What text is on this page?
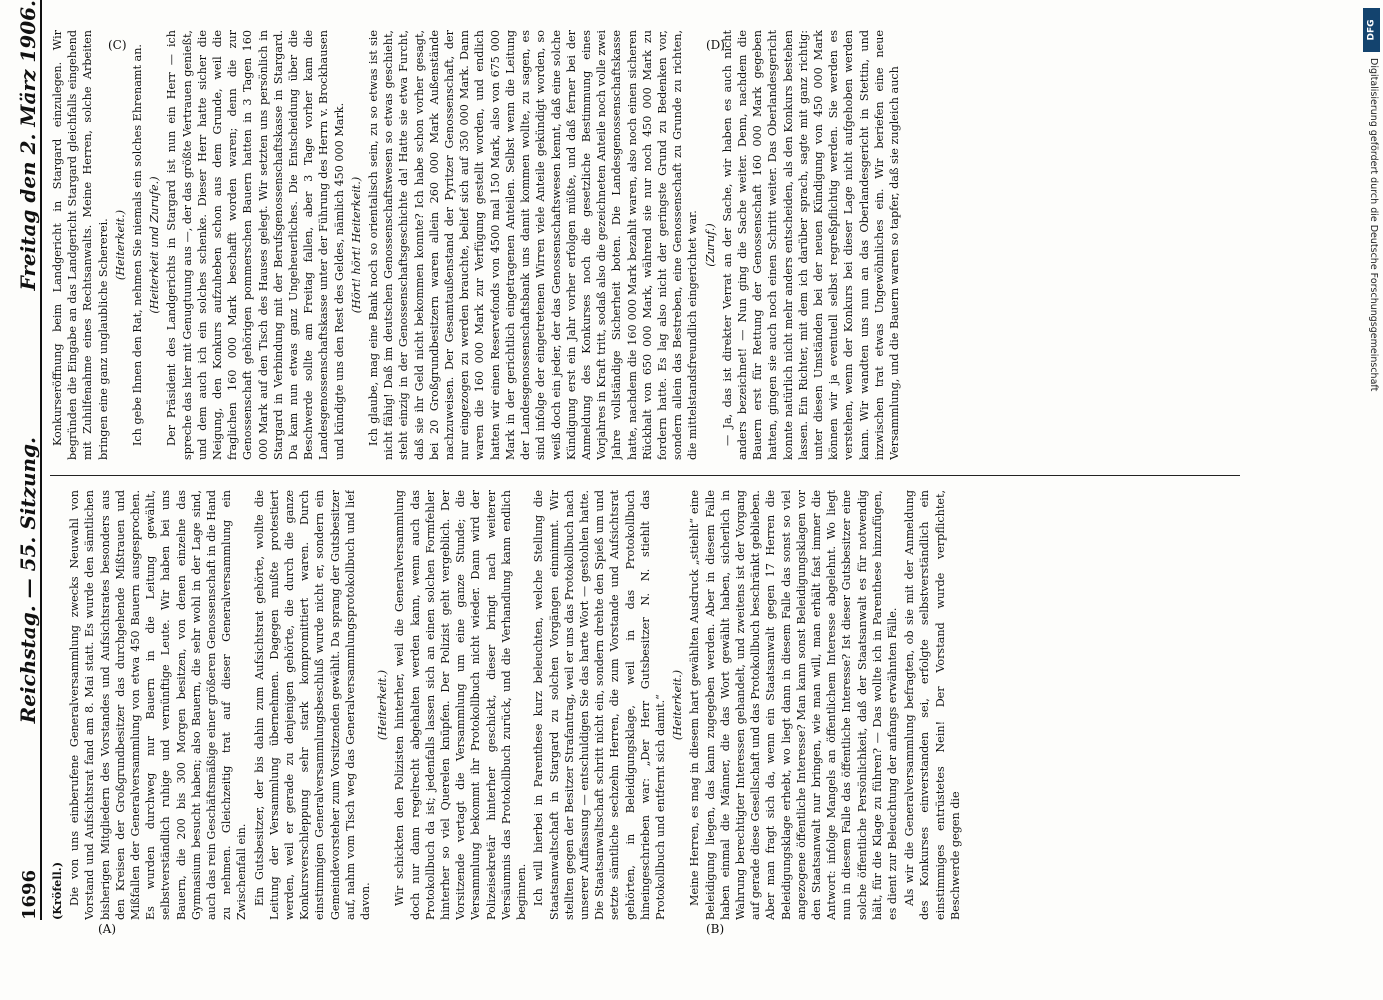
1696
Reichstag. — 55. Sitzung.
Freitag den 2. März 1906.

(Kröfell.) Die von uns einberufene Generalversammlung zwecks Neuwahl von Vorstand und Aufsichtsrat fand am 8. Mai statt. Es wurde den sämtlichen bisherigen Mitgliedern des Vorstandes und Aufsichtsrates besonders aus den Kreisen der Großgrundbesitzer das durchgehende Mißtrauen und Mißfallen der Generalversammlung von etwa 450 Bauern ausgesprochen. Es wurden durchweg nur Bauern in die Leitung gewählt, selbstverständlich ruhige und vernünftige Leute. Wir haben bei uns Bauern, die 200 bis 300 Morgen besitzen, von denen einzelne das Gymnasium besucht haben; also Bauern, die sehr wohl in der Lage sind, auch das rein Geschäftsmäßige einer größeren Genossenschaft in die Hand zu nehmen. Gleichzeitig trat auf dieser Generalversammlung ein Zwischenfall ein. Ein Gutsbesitzer, der bis dahin zum Aufsichtsrat gehörte, wollte die Leitung der Versammlung übernehmen. Dagegen mußte protestiert werden, weil er gerade zu denjenigen gehörte, die durch die ganze Konkursverschleppung sehr stark kompromittiert waren. Durch einstimmigen Generalversammlungsbeschluß wurde nicht er, sondern ein Gemeindevorsteher zum Vorsitzenden gewählt. Da sprang der Gutsbesitzer auf, nahm vom Tisch weg das Generalversammlungsprotokollbuch und lief davon.

(Heiterkeit.) Wir schickten den Polizisten hinterher, weil die Generalversammlung doch nur dann regelrecht abgehalten werden kann, wenn auch das Protokollbuch da ist; jedenfalls lassen sich an einen solchen Formfehler hinterher so viel Querelen knüpfen. Der Polizist geht vergeblich. Der Vorsitzende vertagt die Versammlung um eine ganze Stunde; die Versammlung bekommt ihr Protokollbuch nicht wieder. Dann wird der Polizeisekretär hinterher geschickt, dieser bringt nach weiterer Versäumnis das Protokollbuch zurück, und die Verhandlung kann endlich beginnen. Ich will hierbei in Parenthese kurz beleuchten, welche Stellung die Staatsanwaltschaft in Stargard zu solchen Vorgängen einnimmt. Wir stellten gegen der Besitzer Strafantrag, weil er uns das Protokollbuch nach unserer Auffassung — entschuldigen Sie das harte Wort — gestohlen hatte. Die Staatsanwaltschaft schritt nicht ein, sondern drehte den Spieß um und setzte sämtliche sechzehn Herren, die zum Vorstande und Aufsichtsrat gehörten, in Beleidigungsklage, weil in das Protokollbuch hineingeschrieben war: „Der Herr Gutsbesitzer N. N. stiehlt das Protokollbuch und entfernt sich damit.“ (Heiterkeit.) Meine Herren, es mag in diesem hart gewählten Ausdruck „stiehlt“ eine Beleidigung liegen, das kann zugegeben werden. Aber in diesem Falle haben einmal die Männer, die das Wort gewählt haben, sicherlich in Wahrung berechtigter Interessen gehandelt, und zweitens ist der Vorgang auf gerade diese Gesellschaft und das Protokollbuch beschränkt geblieben. Aber man fragt sich da, wenn ein Staatsanwalt gegen 17 Herren die Beleidigungsklage erhebt, wo liegt dann in diesem Falle das sonst so viel angezogene öffentliche Interesse? Man kann sonst Beleidigungsklagen vor den Staatsanwalt nur bringen, wie man will, man erhält fast immer die Antwort: infolge Mangels an öffentlichem Interesse abgelehnt. Wo liegt nun in diesem Falle das öffentliche Interesse? Ist dieser Gutsbesitzer eine solche öffentliche Persönlichkeit, daß der Staatsanwalt es für notwendig hält, für die Klage zu führen? — Das wollte ich in Parenthese hinzufügen, es dient zur Beleuchtung der anfangs erwähnten Fälle. Als wir die Generalversammlung befragten, ob sie mit der Anmeldung des Konkurses einverstanden sei, erfolgte selbstverständlich ein einstimmiges entrüstetes Nein! Der Vorstand wurde verpflichtet, Beschwerde gegen die

Konkurseröffnung beim Landgericht in Stargard einzulegen. Wir begründen die Eingabe an das Landgericht Stargard gleichfalls eingehend mit Zuhilfenahme eines Rechtsanwalts. Meine Herren, solche Arbeiten bringen eine ganz unglaubliche Schererei. (Heiterkeit.) Ich gebe Ihnen den Rat, nehmen Sie niemals ein solches Ehrenamt an. (Heiterkeit und Zurufe.) Der Präsident des Landgerichts in Stargard ist nun ein Herr — ich spreche das hier mit Genugtuung aus —, der das größte Vertrauen genießt, und dem auch ich ein solches schenke. Dieser Herr hatte sicher die Neigung, den Konkurs aufzuheben schon aus dem Grunde, weil die fraglichen 160 000 Mark beschafft worden waren; denn die zur Genossenschaft gehörigen pommerschen Bauern hatten in 3 Tagen 160 000 Mark auf den Tisch des Hauses gelegt. Wir setzten uns persönlich in Stargard in Verbindung mit der Berufsgenossenschaftskasse in Stargard. Da kam nun etwas ganz Ungeheuerliches. Die Entscheidung über die Beschwerde sollte am Freitag fallen, aber 3 Tage vorher kam die Landesgenossenschaftskasse unter der Führung des Herrn v. Brockhausen und kündigte uns den Rest des Geldes, nämlich 450 000 Mark. (Hört! hört! Heiterkeit.) Ich glaube, mag eine Bank noch so orientalisch sein, zu so etwas ist sie nicht fähig! Daß im deutschen Genossenschaftswesen so etwas geschieht, steht einzig in der Genossenschaftsgeschichte da! Hatte sie etwa Furcht, daß sie ihr Geld nicht bekommen konnte? Ich habe schon vorher gesagt, bei 20 Großgrundbesitzern waren allein 260 000 Mark Außenstände nachzuweisen. Der Gesamtaußenstand der Pyritzer Genossenschaft, der nur eingezogen zu werden brauchte, belief sich auf 350 000 Mark. Dann waren die 160 000 Mark zur Verfügung gestellt worden, und endlich hatten wir einen Reservefonds von 4500 mal 150 Mark, also von 675 000 Mark in der gerichtlich eingetragenen Anteilen. Selbst wenn die Leitung der Landesgenossenschaftsbank uns damit kommen wollte, zu sagen, es sind infolge der eingetretenen Wirren viele Anteile gekündigt worden, so weiß doch ein jeder, der das Genossenschaftswesen kennt, daß eine solche Kündigung erst ein Jahr vorher erfolgen müßte, und daß ferner bei der Anmeldung des Konkurses noch die gesetzliche Bestimmung eines Vorjahres in Kraft tritt, sodaß also die gezeichneten Anteile noch volle zwei Jahre vollständige Sicherheit boten. Die Landesgenossenschaftskasse hatte, nachdem die 160 000 Mark bezahlt waren, also noch einen sicheren Rückhalt von 650 000 Mark, während sie nur noch 450 000 Mark zu fordern hatte. Es lag also nicht der geringste Grund zu Bedenken vor, sondern allein das Bestreben, eine Genossenschaft zu Grunde zu richten, die mittelstandsfreundlich eingerichtet war. (Zuruf.) — Ja, das ist direkter Verrat an der Sache, wir haben es auch nicht anders bezeichnet! — Nun ging die Sache weiter. Denn, nachdem die Bauern erst für Rettung der Genossenschaft 160 000 Mark gegeben hatten, gingen sie auch noch einen Schritt weiter. Das Oberlandesgericht konnte natürlich nicht mehr anders entscheiden, als den Konkurs bestehen lassen. Ein Richter, mit dem ich darüber sprach, sagte mit ganz richtig: unter diesen Umständen bei der neuen Kündigung von 450 000 Mark können wir ja eventuell selbst regreßpflichtig werden. Sie werden es verstehen, wenn der Konkurs bei dieser Lage nicht aufgehoben werden kann. Wir wandten uns nun an das Oberlandesgericht in Stettin, und inzwischen trat etwas Ungewöhnliches ein. Wir beriefen eine neue Versammlung, und die Bauern waren so tapfer, daß sie zugleich auch

(A)	(B)
(C)	(D)
DFG
Digitalisierung gefördert durch die Deutsche Forschungsgemeinschaft
